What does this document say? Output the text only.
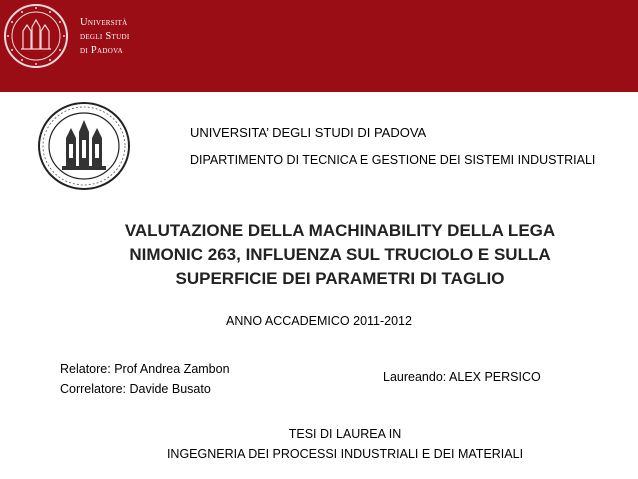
Università
degli Studi
di Padova
UNIVERSITA’ DEGLI STUDI DI PADOVA
DIPARTIMENTO DI TECNICA E GESTIONE DEI SISTEMI INDUSTRIALI
VALUTAZIONE DELLA MACHINABILITY DELLA LEGA
NIMONIC 263, INFLUENZA SUL TRUCIOLO E SULLA
SUPERFICIE DEI PARAMETRI DI TAGLIO
ANNO ACCADEMICO 2011-2012
Relatore: Prof Andrea Zambon
Correlatore: Davide Busato
Laureando: ALEX PERSICO
TESI DI LAUREA IN
INGEGNERIA DEI PROCESSI INDUSTRIALI E DEI MATERIALI
